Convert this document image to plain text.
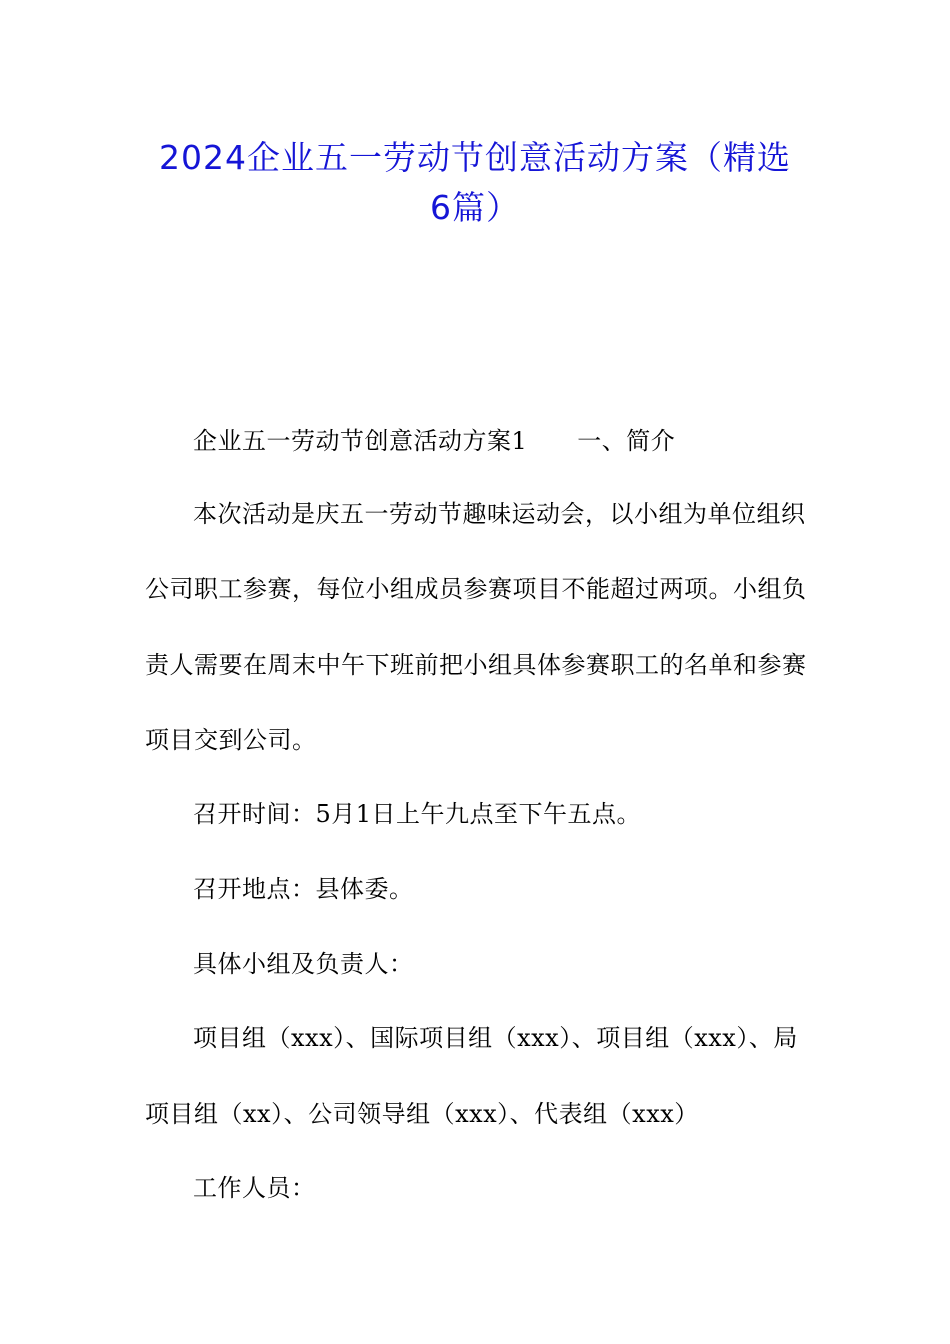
2024企业五一劳动节创意活动方案（精选
6篇）
企业五一劳动节创意活动方案1 一、简介
本次活动是庆五一劳动节趣味运动会，以小组为单位组织
公司职工参赛，每位小组成员参赛项目不能超过两项。小组负
责人需要在周末中午下班前把小组具体参赛职工的名单和参赛
项目交到公司。
召开时间：5月1日上午九点至下午五点。
召开地点：县体委。
具体小组及负责人：
项目组（xxx）、国际项目组（xxx）、项目组（xxx）、局
项目组（xx）、公司领导组（xxx）、代表组（xxx）
工作人员：
